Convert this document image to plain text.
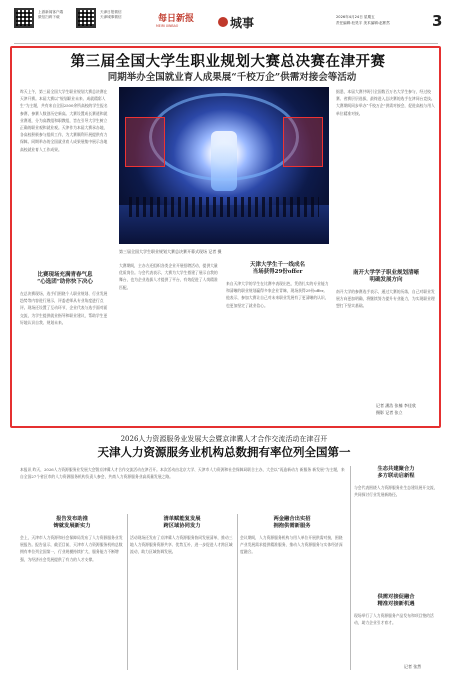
上游新闻客户端
微信扫码下载
天津日报微信
天津城事微信	每日新报
MEIRI XINBAO	城事	2026年4月24日 星期五
责任编辑:杜昊宇 美术编辑:赵彬然	3
第三届全国大学生职业规划大赛总决赛在津开赛
同期举办全国就业育人成果展“千校万企”供需对接会等活动
昨天上午，第三届全国大学生职业规划大赛总决赛在天津开赛。本届大赛以“规划职业未来、成就精彩人生”为主题，共有来自全国2500余所高校的学生报名参赛，参赛人数创历史新高。大赛设置成长赛道和就业赛道，分为高教组和职教组，旨在引导大学生树立正确的职业观和就业观。天津作为本届大赛承办地，各高校积极参与组织工作，为大赛顺利开展提供有力保障。同期举办的全国就业育人成果展集中展示各地高校就业育人工作成果。
比赛现场充满青春气息
“心选团”助你快下决心
在总决赛现场，选手们围绕个人职业规划、行业发展趋势等内容进行展示，评委老师从专业角度进行点评。现场还设置了互动环节，企业代表与选手面对面交流，为学生提供就业指导和职业建议，帮助学生更好地认识自我、规划未来。
第三届全国大学生职业规划大赛总决赛开幕式现场 记者 摄
大赛期间，主办方还组织各类企业开展招聘活动，提供大量优质岗位。与会代表表示，大赛为大学生搭建了展示自我的舞台，也为企业选拔人才提供了平台，有效促进了人岗精准匹配。
天津大学生千一线成名
当场获得29份offer
来自天津大学的学生在比赛中表现出色，凭借扎实的专业能力和清晰的职业规划赢得多家企业青睐，现场获得29份offer。他表示，参加大赛让自己对未来职业发展有了更清晰的认识，也更加坚定了就业信心。
据悉，本届大赛共吸引全国数百万名大学生参与，经过校赛、省赛层层选拔，最终进入总决赛的选手在津同台竞技。大赛期间同步举办“千校万企”供需对接会，促进高校与用人单位精准对接。
南开大学学子职业规划清晰
明确发展方向
南开大学的参赛选手表示，通过大赛的历练，自己对职业发展方向更加明确，将继续努力提升专业能力，为实现职业理想打下坚实基础。
记者 潘浩 张楠 李佳欣
摄影 记者 张立
2026人力资源服务业发展大会暨京津冀人才合作交流活动在津召开
天津人力资源服务业机构总数拥有率位列全国第一
本报讯 昨天，2026人力资源服务业发展大会暨京津冀人才合作交流活动在津召开。本次活动由北京大学、天津市人力资源和社会保障局联合主办，大会以“再造新动力 新服务 新发展”为主题，来自全国27个省区市的人力资源服务机构负责人参会，共商人力资源服务业高质量发展之路。
报告发布助推
铸就发展新实力
清单赋能复发展
跨区域协同发力
两金融合出实招
拥抱供需新服务
会上，天津市人力资源和社会保障局发布了人力资源服务业发展报告。报告显示，截至目前，天津市人力资源服务机构总数拥有率位列全国第一，行业规模持续扩大，服务能力不断增强，为经济社会发展提供了有力的人才支撑。
活动现场还发布了京津冀人力资源服务协同发展清单，推动三地人力资源服务资源共享、优势互补，进一步促进人才跨区域流动，助力区域协调发展。
会议期间，人力资源服务机构与用人单位开展供需对接，围绕产业发展需求提供精准服务，推动人力资源服务与实体经济深度融合。
生态共建聚合力
多方联动启新程
与会代表围绕人力资源服务业生态建设展开交流，共同探讨行业发展新路径。
供需对接促融合
精准对接新机遇
现场举行了人力资源服务产品发布和项目签约活动，助力企业引才育才。
记者 张然
